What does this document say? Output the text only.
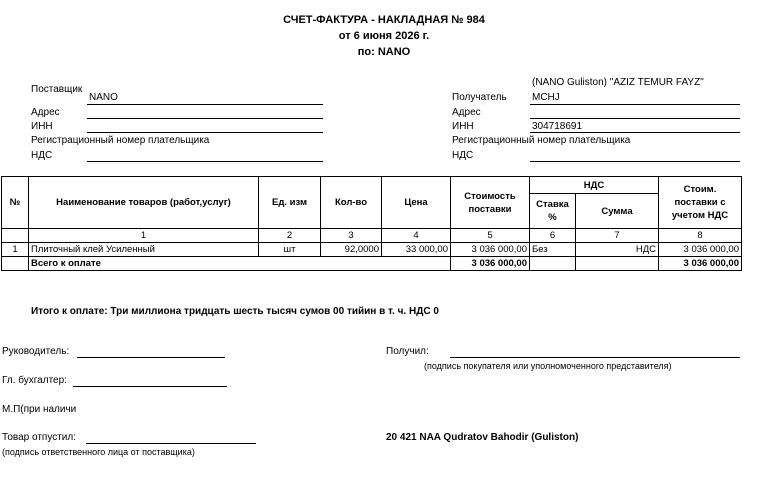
СЧЕТ-ФАКТУРА - НАКЛАДНАЯ № 984
от 6 июня 2026 г.
по: NANO
Поставщик
NANO
Адрес
ИНН
Регистрационный номер плательщика
НДС
(NANO Guliston) "AZIZ TEMUR FAYZ"
Получатель	MCHJ
Адрес
ИНН	304718691
Регистрационный номер плательщика
НДС
№	Наименование товаров (работ,услуг)	Ед. изм	Кол-во	Цена	Стоимость поставки	НДС		Стоим. поставки с учетом НДС
						Ставка %	Сумма	
	1	2	3	4	5	6	7	8
1	Плиточный клей Усиленный	шт	92,0000	33 000,00	3 036 000,00	Без	НДС	3 036 000,00
	Всего к оплате				3 036 000,00			3 036 000,00
Итого к оплате: Три миллиона тридцать шесть тысяч сумов 00 тийин в т. ч. НДС 0
Руководитель:
Гл. бухгалтер:
М.П(при наличи
Товар отпустил:
(подпись ответственного лица от поставщика)
Получил:
(подпись покупателя или уполномоченного представителя)
20 421 NAA Qudratov Bahodir (Guliston)
